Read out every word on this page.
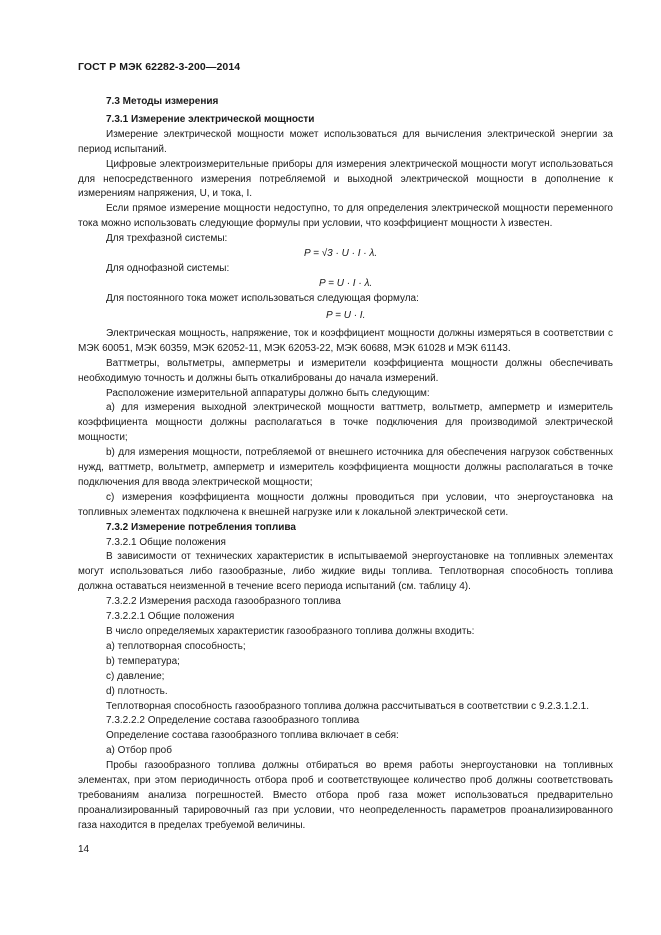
ГОСТ Р МЭК 62282-3-200—2014

7.3 Методы измерения

7.3.1 Измерение электрической мощности

Измерение электрической мощности может использоваться для вычисления электрической энергии за период испытаний.

Цифровые электроизмерительные приборы для измерения электрической мощности могут использоваться для непосредственного измерения потребляемой и выходной электрической мощности в дополнение к измерениям напряжения, U, и тока, I.

Если прямое измерение мощности недоступно, то для определения электрической мощности переменного тока можно использовать следующие формулы при условии, что коэффициент мощности λ известен.

Для трехфазной системы:

P = √3 · U · I · λ.

Для однофазной системы:

P = U · I · λ.

Для постоянного тока может использоваться следующая формула:

P = U · I.

Электрическая мощность, напряжение, ток и коэффициент мощности должны измеряться в соответствии с МЭК 60051, МЭК 60359, МЭК 62052-11, МЭК 62053-22, МЭК 60688, МЭК 61028 и МЭК 61143.

Ваттметры, вольтметры, амперметры и измерители коэффициента мощности должны обеспечивать необходимую точность и должны быть откалиброваны до начала измерений.

Расположение измерительной аппаратуры должно быть следующим:

a) для измерения выходной электрической мощности ваттметр, вольтметр, амперметр и измеритель коэффициента мощности должны располагаться в точке подключения для производимой электрической мощности;

b) для измерения мощности, потребляемой от внешнего источника для обеспечения нагрузок собственных нужд, ваттметр, вольтметр, амперметр и измеритель коэффициента мощности должны располагаться в точке подключения для ввода электрической мощности;

c) измерения коэффициента мощности должны проводиться при условии, что энергоустановка на топливных элементах подключена к внешней нагрузке или к локальной электрической сети.

7.3.2 Измерение потребления топлива

7.3.2.1 Общие положения

В зависимости от технических характеристик в испытываемой энергоустановке на топливных элементах могут использоваться либо газообразные, либо жидкие виды топлива. Теплотворная способность топлива должна оставаться неизменной в течение всего периода испытаний (см. таблицу 4).

7.3.2.2 Измерения расхода газообразного топлива

7.3.2.2.1 Общие положения

В число определяемых характеристик газообразного топлива должны входить:

a) теплотворная способность;

b) температура;

c) давление;

d) плотность.

Теплотворная способность газообразного топлива должна рассчитываться в соответствии с 9.2.3.1.2.1.

7.3.2.2.2 Определение состава газообразного топлива

Определение состава газообразного топлива включает в себя:

a) Отбор проб

Пробы газообразного топлива должны отбираться во время работы энергоустановки на топливных элементах, при этом периодичность отбора проб и соответствующее количество проб должны соответствовать требованиям анализа погрешностей. Вместо отбора проб газа может использоваться предварительно проанализированный тарировочный газ при условии, что неопределенность параметров проанализированного газа находится в пределах требуемой величины.

14
